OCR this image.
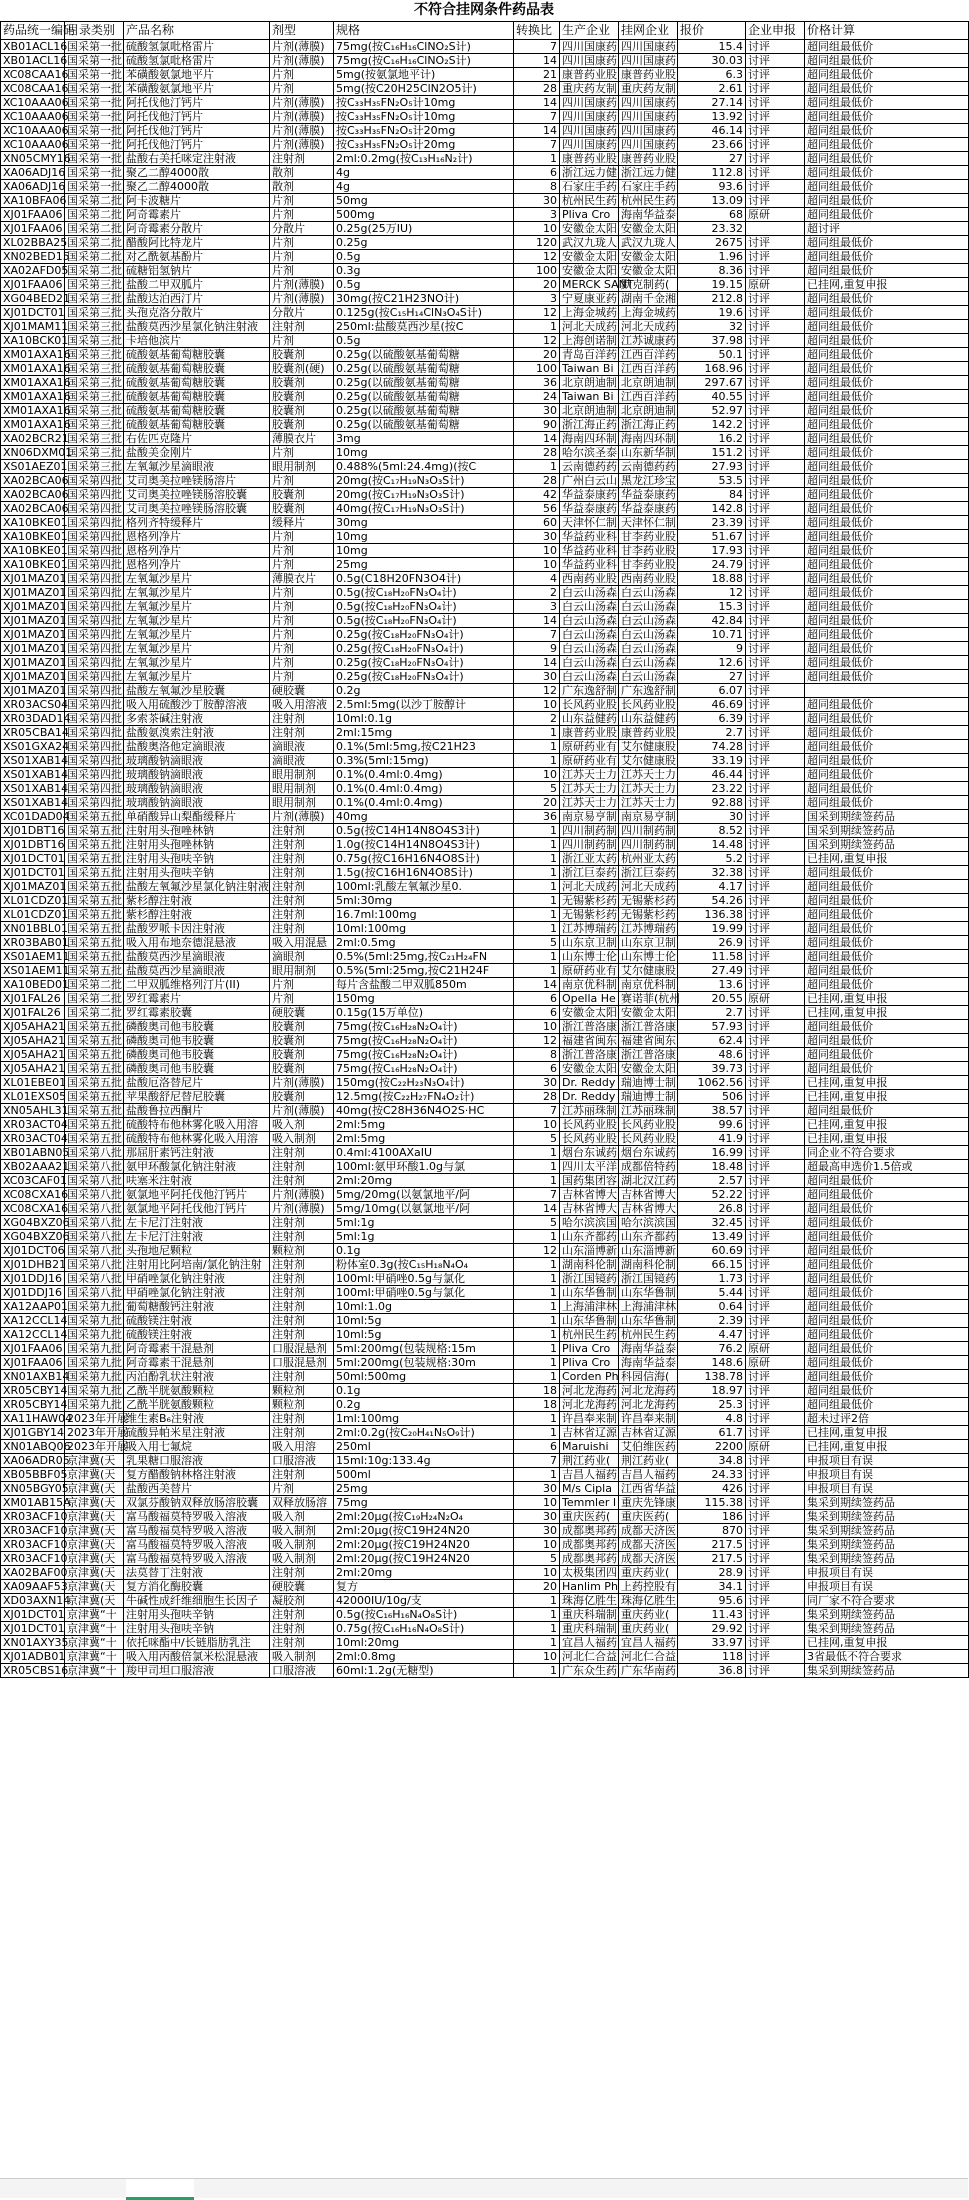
不符合挂网条件药品表
药品统一编码	目录类别	产品名称	剂型	规格	转换比	生产企业	挂网企业	报价	企业申报	价格计算
XB01ACL16	国采第一批	硫酸氢氯吡格雷片	片剂(薄膜)	75mg(按C₁₆H₁₆ClNO₂S计)	7	四川国康药	四川国康药	15.4	讨评	超同组最低价
XB01ACL16	国采第一批	硫酸氢氯吡格雷片	片剂(薄膜)	75mg(按C₁₆H₁₆ClNO₂S计)	14	四川国康药	四川国康药	30.03	讨评	超同组最低价
XC08CAA16	国采第一批	苯磺酸氨氯地平片	片剂	5mg(按氨氯地平计)	21	康普药业股	康普药业股	6.3	讨评	超同组最低价
XC08CAA16	国采第一批	苯磺酸氨氯地平片	片剂	5mg(按C20H25ClN2O5计)	28	重庆药友制	重庆药友制	2.61	讨评	超同组最低价
XC10AAA06	国采第一批	阿托伐他汀钙片	片剂(薄膜)	按C₃₃H₃₅FN₂O₅计10mg	14	四川国康药	四川国康药	27.14	讨评	超同组最低价
XC10AAA06	国采第一批	阿托伐他汀钙片	片剂(薄膜)	按C₃₃H₃₅FN₂O₅计10mg	7	四川国康药	四川国康药	13.92	讨评	超同组最低价
XC10AAA06	国采第一批	阿托伐他汀钙片	片剂(薄膜)	按C₃₃H₃₅FN₂O₅计20mg	14	四川国康药	四川国康药	46.14	讨评	超同组最低价
XC10AAA06	国采第一批	阿托伐他汀钙片	片剂(薄膜)	按C₃₃H₃₅FN₂O₅计20mg	7	四川国康药	四川国康药	23.66	讨评	超同组最低价
XN05CMY16	国采第一批	盐酸右美托咪定注射液	注射剂	2ml:0.2mg(按C₁₃H₁₆N₂计)	1	康普药业股	康普药业股	27	讨评	超同组最低价
XA06ADJ16	国采第一批	聚乙二醇4000散	散剂	4g	6	浙江远力健	浙江远力健	112.8	讨评	超同组最低价
XA06ADJ16	国采第一批	聚乙二醇4000散	散剂	4g	8	石家庄手药	石家庄手药	93.6	讨评	超同组最低价
XA10BFA06	国采第二批	阿卡波糖片	片剂	50mg	30	杭州民生药	杭州民生药	13.09	讨评	超同组最低价
XJ01FAA06	国采第二批	阿奇霉素片	片剂	500mg	3	Pliva Cro	海南华益泰	68	原研	超同组最低价
XJ01FAA06	国采第二批	阿奇霉素分散片	分散片	0.25g(25万IU)	10	安徽金太阳	安徽金太阳	23.32		超讨评
XL02BBA25	国采第二批	醋酸阿比特龙片	片剂	0.25g	120	武汉九珑人	武汉九珑人	2675	讨评	超同组最低价
XN02BED15	国采第二批	对乙酰氨基酚片	片剂	0.5g	12	安徽金太阳	安徽金太阳	1.96	讨评	超同组最低价
XA02AFD05	国采第二批	硫糖铝氢钠片	片剂	0.3g	100	安徽金太阳	安徽金太阳	8.36	讨评	超同组最低价
XJ01FAA06	国采第三批	盐酸二甲双胍片	片剂(薄膜)	0.5g	20	MERCK SANT	默克制药(	19.15	原研	已挂网,重复申报
XG04BED21	国采第三批	盐酸达泊西汀片	片剂(薄膜)	30mg(按C21H23NO计)	3	宁夏康亚药	湖南千金湘	212.8	讨评	超同组最低价
XJ01DCT01	国采第三批	头孢克洛分散片	分散片	0.125g(按C₁₅H₁₄ClN₃O₄S计)	12	上海金城药	上海金城药	19.6	讨评	超同组最低价
XJ01MAM11	国采第三批	盐酸莫西沙星氯化钠注射液	注射剂	250ml:盐酸莫西沙星(按C	1	河北天成药	河北天成药	32	讨评	超同组最低价
XA10BCK01	国采第三批	卡培他滨片	片剂	0.5g	12	上海创诺制	江苏诚康药	37.98	讨评	超同组最低价
XM01AXA16	国采第三批	硫酸氨基葡萄糖胶囊	胶囊剂	0.25g(以硫酸氨基葡萄糖	20	青岛百洋药	江西百洋药	50.1	讨评	超同组最低价
XM01AXA16	国采第三批	硫酸氨基葡萄糖胶囊	胶囊剂(硬)	0.25g(以硫酸氨基葡萄糖	100	Taiwan Bi	江西百洋药	168.96	讨评	超同组最低价
XM01AXA16	国采第三批	硫酸氨基葡萄糖胶囊	胶囊剂	0.25g(以硫酸氨基葡萄糖	36	北京朗迪制	北京朗迪制	297.67	讨评	超同组最低价
XM01AXA16	国采第三批	硫酸氨基葡萄糖胶囊	胶囊剂	0.25g(以硫酸氨基葡萄糖	24	Taiwan Bi	江西百洋药	40.55	讨评	超同组最低价
XM01AXA16	国采第三批	硫酸氨基葡萄糖胶囊	胶囊剂	0.25g(以硫酸氨基葡萄糖	30	北京朗迪制	北京朗迪制	52.97	讨评	超同组最低价
XM01AXA16	国采第三批	硫酸氨基葡萄糖胶囊	胶囊剂	0.25g(以硫酸氨基葡萄糖	90	浙江海正药	浙江海正药	142.2	讨评	超同组最低价
XA02BCR21	国采第三批	右佐匹克隆片	薄膜衣片	3mg	14	海南四环制	海南四环制	16.2	讨评	超同组最低价
XN06DXM01	国采第三批	盐酸美金刚片	片剂	10mg	28	哈尔滨圣泰	山东新华制	151.2	讨评	超同组最低价
XS01AEZ01	国采第三批	左氧氟沙星滴眼液	眼用制剂	0.488%(5ml:24.4mg)(按C	1	云南德药药	云南德药药	27.93	讨评	超同组最低价
XA02BCA06	国采第四批	艾司奥美拉唑镁肠溶片	片剂	20mg(按C₁₇H₁₉N₃O₃S计)	28	广州白云山	黑龙江珍宝	53.5	讨评	超同组最低价
XA02BCA06	国采第四批	艾司奥美拉唑镁肠溶胶囊	胶囊剂	20mg(按C₁₇H₁₉N₃O₃S计)	42	华益泰康药	华益泰康药	84	讨评	超同组最低价
XA02BCA06	国采第四批	艾司奥美拉唑镁肠溶胶囊	胶囊剂	40mg(按C₁₇H₁₉N₃O₃S计)	56	华益泰康药	华益泰康药	142.8	讨评	超同组最低价
XA10BKE01	国采第四批	格列齐特缓释片	缓释片	30mg	60	天津怀仁制	天津怀仁制	23.39	讨评	超同组最低价
XA10BKE01	国采第四批	恩格列净片	片剂	10mg	30	华益药业科	甘李药业股	51.67	讨评	超同组最低价
XA10BKE01	国采第四批	恩格列净片	片剂	10mg	10	华益药业科	甘李药业股	17.93	讨评	超同组最低价
XA10BKE01	国采第四批	恩格列净片	片剂	25mg	10	华益药业科	甘李药业股	24.79	讨评	超同组最低价
XJ01MAZ01	国采第四批	左氧氟沙星片	薄膜衣片	0.5g(C18H20FN3O4计)	4	西南药业股	西南药业股	18.88	讨评	超同组最低价
XJ01MAZ01	国采第四批	左氧氟沙星片	片剂	0.5g(按C₁₈H₂₀FN₃O₄计)	2	白云山汤森	白云山汤森	12	讨评	超同组最低价
XJ01MAZ01	国采第四批	左氧氟沙星片	片剂	0.5g(按C₁₈H₂₀FN₃O₄计)	3	白云山汤森	白云山汤森	15.3	讨评	超同组最低价
XJ01MAZ01	国采第四批	左氧氟沙星片	片剂	0.5g(按C₁₈H₂₀FN₃O₄计)	14	白云山汤森	白云山汤森	42.84	讨评	超同组最低价
XJ01MAZ01	国采第四批	左氧氟沙星片	片剂	0.25g(按C₁₈H₂₀FN₃O₄计)	7	白云山汤森	白云山汤森	10.71	讨评	超同组最低价
XJ01MAZ01	国采第四批	左氧氟沙星片	片剂	0.25g(按C₁₈H₂₀FN₃O₄计)	9	白云山汤森	白云山汤森	9	讨评	超同组最低价
XJ01MAZ01	国采第四批	左氧氟沙星片	片剂	0.25g(按C₁₈H₂₀FN₃O₄计)	14	白云山汤森	白云山汤森	12.6	讨评	超同组最低价
XJ01MAZ01	国采第四批	左氧氟沙星片	片剂	0.25g(按C₁₈H₂₀FN₃O₄计)	30	白云山汤森	白云山汤森	27	讨评	超同组最低价
XJ01MAZ01	国采第四批	盐酸左氧氟沙星胶囊	硬胶囊	0.2g	12	广东逸舒制	广东逸舒制	6.07	讨评	
XR03ACS04	国采第四批	吸入用硫酸沙丁胺醇溶液	吸入用溶液	2.5ml:5mg(以沙丁胺醇计	10	长风药业股	长风药业股	46.69	讨评	超同组最低价
XR03DAD14	国采第四批	多索茶碱注射液	注射剂	10ml:0.1g	2	山东益健药	山东益健药	6.39	讨评	超同组最低价
XR05CBA14	国采第四批	盐酸氨溴索注射液	注射剂	2ml:15mg	1	康普药业股	康普药业股	2.7	讨评	超同组最低价
XS01GXA24	国采第四批	盐酸奥洛他定滴眼液	滴眼液	0.1%(5ml:5mg,按C21H23	1	原研药业有	艾尔健康股	74.28	讨评	超同组最低价
XS01XAB14	国采第四批	玻璃酸钠滴眼液	滴眼液	0.3%(5ml:15mg)	1	原研药业有	艾尔健康股	33.19	讨评	超同组最低价
XS01XAB14	国采第四批	玻璃酸钠滴眼液	眼用制剂	0.1%(0.4ml:0.4mg)	10	江苏天士力	江苏天士力	46.44	讨评	超同组最低价
XS01XAB14	国采第四批	玻璃酸钠滴眼液	眼用制剂	0.1%(0.4ml:0.4mg)	5	江苏天士力	江苏天士力	23.22	讨评	超同组最低价
XS01XAB14	国采第四批	玻璃酸钠滴眼液	眼用制剂	0.1%(0.4ml:0.4mg)	20	江苏天士力	江苏天士力	92.88	讨评	超同组最低价
XC01DAD04	国采第五批	单硝酸异山梨酯缓释片	片剂(薄膜)	40mg	36	南京易亨制	南京易亨制	30	讨评	国采到期续签药品
XJ01DBT16	国采第五批	注射用头孢唑林钠	注射剂	0.5g(按C14H14N8O4S3计)	1	四川制药制	四川制药制	8.52	讨评	国采到期续签药品
XJ01DBT16	国采第五批	注射用头孢唑林钠	注射剂	1.0g(按C14H14N8O4S3计)	1	四川制药制	四川制药制	14.48	讨评	国采到期续签药品
XJ01DCT01	国采第五批	注射用头孢呋辛钠	注射剂	0.75g(按C16H16N4O8S计)	1	浙江亚太药	杭州亚太药	5.2	讨评	已挂网,重复申报
XJ01DCT01	国采第五批	注射用头孢呋辛钠	注射剂	1.5g(按C16H16N4O8S计)	1	浙江巨泰药	浙江巨泰药	32.38	讨评	超同组最低价
XJ01MAZ01	国采第五批	盐酸左氧氟沙星氯化钠注射液	注射剂	100ml:乳酸左氧氟沙星0.	1	河北天成药	河北天成药	4.17	讨评	超同组最低价
XL01CDZ01	国采第五批	紫杉醇注射液	注射剂	5ml:30mg	1	无锡紫杉药	无锡紫杉药	54.26	讨评	超同组最低价
XL01CDZ01	国采第五批	紫杉醇注射液	注射剂	16.7ml:100mg	1	无锡紫杉药	无锡紫杉药	136.38	讨评	超同组最低价
XN01BBL01	国采第五批	盐酸罗哌卡因注射液	注射剂	10ml:100mg	1	江苏博瑞药	江苏博瑞药	19.99	讨评	超同组最低价
XR03BAB01	国采第五批	吸入用布地奈德混悬液	吸入用混悬	2ml:0.5mg	5	山东京卫制	山东京卫制	26.9	讨评	超同组最低价
XS01AEM11	国采第五批	盐酸莫西沙星滴眼液	滴眼剂	0.5%(5ml:25mg,按C₂₁H₂₄FN	1	山东博士伦	山东博士伦	11.58	讨评	超同组最低价
XS01AEM11	国采第五批	盐酸莫西沙星滴眼液	眼用制剂	0.5%(5ml:25mg,按C21H24F	1	原研药业有	艾尔健康股	27.49	讨评	超同组最低价
XA10BED01	国采第二批	二甲双胍维格列汀片(II)	片剂	每片含盐酸二甲双胍850m	14	南京优科制	南京优科制	13.6	讨评	超同组最低价
XJ01FAL26	国采第二批	罗红霉素片	片剂	150mg	6	Opella He	赛诺菲(杭州	20.55	原研	已挂网,重复申报
XJ01FAL26	国采第二批	罗红霉素胶囊	硬胶囊	0.15g(15万单位)	6	安徽金太阳	安徽金太阳	2.7	讨评	已挂网,重复申报
XJ05AHA21	国采第五批	磷酸奥司他韦胶囊	胶囊剂	75mg(按C₁₆H₂₈N₂O₄计)	10	浙江普洛康	浙江普洛康	57.93	讨评	超同组最低价
XJ05AHA21	国采第五批	磷酸奥司他韦胶囊	胶囊剂	75mg(按C₁₆H₂₈N₂O₄计)	12	福建省闽东	福建省闽东	62.4	讨评	超同组最低价
XJ05AHA21	国采第五批	磷酸奥司他韦胶囊	胶囊剂	75mg(按C₁₆H₂₈N₂O₄计)	8	浙江普洛康	浙江普洛康	48.6	讨评	超同组最低价
XJ05AHA21	国采第五批	磷酸奥司他韦胶囊	胶囊剂	75mg(按C₁₆H₂₈N₂O₄计)	6	安徽金太阳	安徽金太阳	39.73	讨评	超同组最低价
XL01EBE01	国采第五批	盐酸厄洛替尼片	片剂(薄膜)	150mg(按C₂₂H₂₃N₃O₄计)	30	Dr. Reddy	瑞迪博士制	1062.56	讨评	已挂网,重复申报
XL01EXS05	国采第五批	苹果酸舒尼替尼胶囊	胶囊剂	12.5mg(按C₂₂H₂₇FN₄O₂计)	28	Dr. Reddy	瑞迪博士制	506	讨评	已挂网,重复申报
XN05AHL31	国采第五批	盐酸鲁拉西酮片	片剂(薄膜)	40mg(按C28H36N4O2S·HC	7	江苏丽珠制	江苏丽珠制	38.57	讨评	超同组最低价
XR03ACT04	国采第五批	硫酸特布他林雾化吸入用溶	吸入剂	2ml:5mg	10	长风药业股	长风药业股	99.6	讨评	已挂网,重复申报
XR03ACT04	国采第五批	硫酸特布他林雾化吸入用溶	吸入制剂	2ml:5mg	5	长风药业股	长风药业股	41.9	讨评	已挂网,重复申报
XB01ABN05	国采第八批	那屈肝素钙注射液	注射剂	0.4ml:4100AXaIU	1	烟台东诚药	烟台东诚药	16.99	讨评	同企业不符合要求
XB02AAA21	国采第八批	氨甲环酸氯化钠注射液	注射剂	100ml:氨甲环酸1.0g与氯	1	四川太平洋	成都倍特药	18.48	讨评	超最高申选价1.5倍或
XC03CAF01	国采第八批	呋塞米注射液	注射剂	2ml:20mg	1	国药集团容	湖北汉江药	2.57	讨评	超同组最低价
XC08CXA16	国采第八批	氨氯地平阿托伐他汀钙片	片剂(薄膜)	5mg/20mg(以氨氯地平/阿	7	吉林省博大	吉林省博大	52.22	讨评	超同组最低价
XC08CXA16	国采第八批	氨氯地平阿托伐他汀钙片	片剂(薄膜)	5mg/10mg(以氨氯地平/阿	14	吉林省博大	吉林省博大	26.8	讨评	超同组最低价
XG04BXZ06	国采第八批	左卡尼汀注射液	注射剂	5ml:1g	5	哈尔滨滨国	哈尔滨滨国	32.45	讨评	超同组最低价
XG04BXZ06	国采第八批	左卡尼汀注射液	注射剂	5ml:1g	1	山东齐都药	山东齐都药	13.49	讨评	超同组最低价
XJ01DCT06	国采第八批	头孢地尼颗粒	颗粒剂	0.1g	12	山东淄博新	山东淄博新	60.69	讨评	超同组最低价
XJ01DHB21	国采第八批	注射用比阿培南/氯化钠注射	注射剂	粉体室0.3g(按C₁₅H₁₈N₄O₄	1	湖南科伦制	湖南科伦制	66.15	讨评	超同组最低价
XJ01DDJ16	国采第八批	甲硝唑氯化钠注射液	注射剂	100ml:甲硝唑0.5g与氯化	1	浙江国镜药	浙江国镜药	1.73	讨评	超同组最低价
XJ01DDJ16	国采第八批	甲硝唑氯化钠注射液	注射剂	100ml:甲硝唑0.5g与氯化	1	山东华鲁制	山东华鲁制	5.44	讨评	超同组最低价
XA12AAP01	国采第九批	葡萄糖酸钙注射液	注射剂	10ml:1.0g	1	上海浦津林	上海浦津林	0.64	讨评	超同组最低价
XA12CCL14	国采第九批	硫酸镁注射液	注射剂	10ml:5g	1	山东华鲁制	山东华鲁制	2.39	讨评	超同组最低价
XA12CCL14	国采第九批	硫酸镁注射液	注射剂	10ml:5g	1	杭州民生药	杭州民生药	4.47	讨评	超同组最低价
XJ01FAA06	国采第九批	阿奇霉素干混悬剂	口服混悬剂	5ml:200mg(包装规格:15m	1	Pliva Cro	海南华益泰	76.2	原研	超同组最低价
XJ01FAA06	国采第九批	阿奇霉素干混悬剂	口服混悬剂	5ml:200mg(包装规格:30m	1	Pliva Cro	海南华益泰	148.6	原研	超同组最低价
XN01AXB14	国采第九批	丙泊酚乳状注射液	注射剂	50ml:500mg	1	Corden Ph	科园信海(	138.78	讨评	超同组最低价
XR05CBY14	国采第九批	乙酰半胱氨酸颗粒	颗粒剂	0.1g	18	河北龙海药	河北龙海药	18.97	讨评	超同组最低价
XR05CBY14	国采第九批	乙酰半胱氨酸颗粒	颗粒剂	0.2g	18	河北龙海药	河北龙海药	25.3	讨评	超同组最低价
XA11HAW04	2023年开展	维生素B₆注射液	注射剂	1ml:100mg	1	许昌奉来制	许昌奉来制	4.8	讨评	超未过评2倍
XJ01GBY14	2023年开展	硫酸异帕米星注射液	注射剂	2ml:0.2g(按C₂₀H₄₁N₅O₉计)	1	吉林省辽源	吉林省辽源	61.7	讨评	已挂网,重复申报
XN01ABQ06	2023年开展	吸入用七氟烷	吸入用溶	250ml	6	Maruishi	艾伯维医药	2200	原研	已挂网,重复申报
XA06ADR05	京津冀(天	乳果糖口服溶液	口服溶液	15ml:10g:133.4g	7	荆江药业(	荆江药业(	34.8	讨评	申报项目有误
XB05BBF05	京津冀(天	复方醋酸钠林格注射液	注射剂	500ml	1	吉昌人福药	吉昌人福药	24.33	讨评	申报项目有误
XN05BGY05	京津冀(天	盐酸西美替片	片剂	25mg	30	M/s Cipla	江西省华益	426	讨评	申报项目有误
XM01AB15A	京津冀(天	双氯芬酸钠双释放肠溶胶囊	双释放肠溶	75mg	10	Temmler I	重庆先锋康	115.38	讨评	集采到期续签药品
XR03ACF10	京津冀(天	富马酸福莫特罗吸入溶液	吸入剂	2ml:20μg(按C₁₉H₂₄N₂O₄	30	重庆医药(	重庆医药(	186	讨评	集采到期续签药品
XR03ACF10	京津冀(天	富马酸福莫特罗吸入溶液	吸入制剂	2ml:20μg(按C19H24N20	30	成都奥邦药	成都天济医	870	讨评	集采到期续签药品
XR03ACF10	京津冀(天	富马酸福莫特罗吸入溶液	吸入制剂	2ml:20μg(按C19H24N20	10	成都奥邦药	成都天济医	217.5	讨评	集采到期续签药品
XR03ACF10	京津冀(天	富马酸福莫特罗吸入溶液	吸入制剂	2ml:20μg(按C19H24N20	5	成都奥邦药	成都天济医	217.5	讨评	集采到期续签药品
XA02BAF00	京津冀(天	法莫替丁注射液	注射剂	2ml:20mg	10	太极集团四	重庆药业(	28.9	讨评	申报项目有误
XA09AAF53	京津冀(天	复方消化酶胶囊	硬胶囊	复方	20	Hanlim Ph	上药控股有	34.1	讨评	申报项目有误
XD03AXN14	京津冀(天	牛碱性成纤维细胞生长因子	凝胶剂	42000IU/10g/支	1	珠海亿胜生	珠海亿胜生	95.6	讨评	同厂家不符合要求
XJ01DCT01	京津冀“十	注射用头孢呋辛钠	注射剂	0.5g(按C₁₆H₁₆N₄O₈S计)	1	重庆科瑞制	重庆药业(	11.43	讨评	集采到期续签药品
XJ01DCT01	京津冀“十	注射用头孢呋辛钠	注射剂	0.75g(按C₁₆H₁₆N₄O₈S计)	1	重庆科瑞制	重庆药业(	29.92	讨评	集采到期续签药品
XN01AXY35	京津冀“十	依托咪酯中/长链脂肪乳注	注射剂	10ml:20mg	1	宜昌人福药	宜昌人福药	33.97	讨评	已挂网,重复申报
XJ01ADB01	京津冀“十	吸入用丙酸倍氯米松混悬液	吸入制剂	2ml:0.8mg	10	河北仁合益	河北仁合益	118	讨评	3省最低不符合要求
XR05CBS16	京津冀“十	羧甲司坦口服溶液	口服溶液	60ml:1.2g(无糖型)	1	广东众生药	广东华南药	36.8	讨评	集采到期续签药品
